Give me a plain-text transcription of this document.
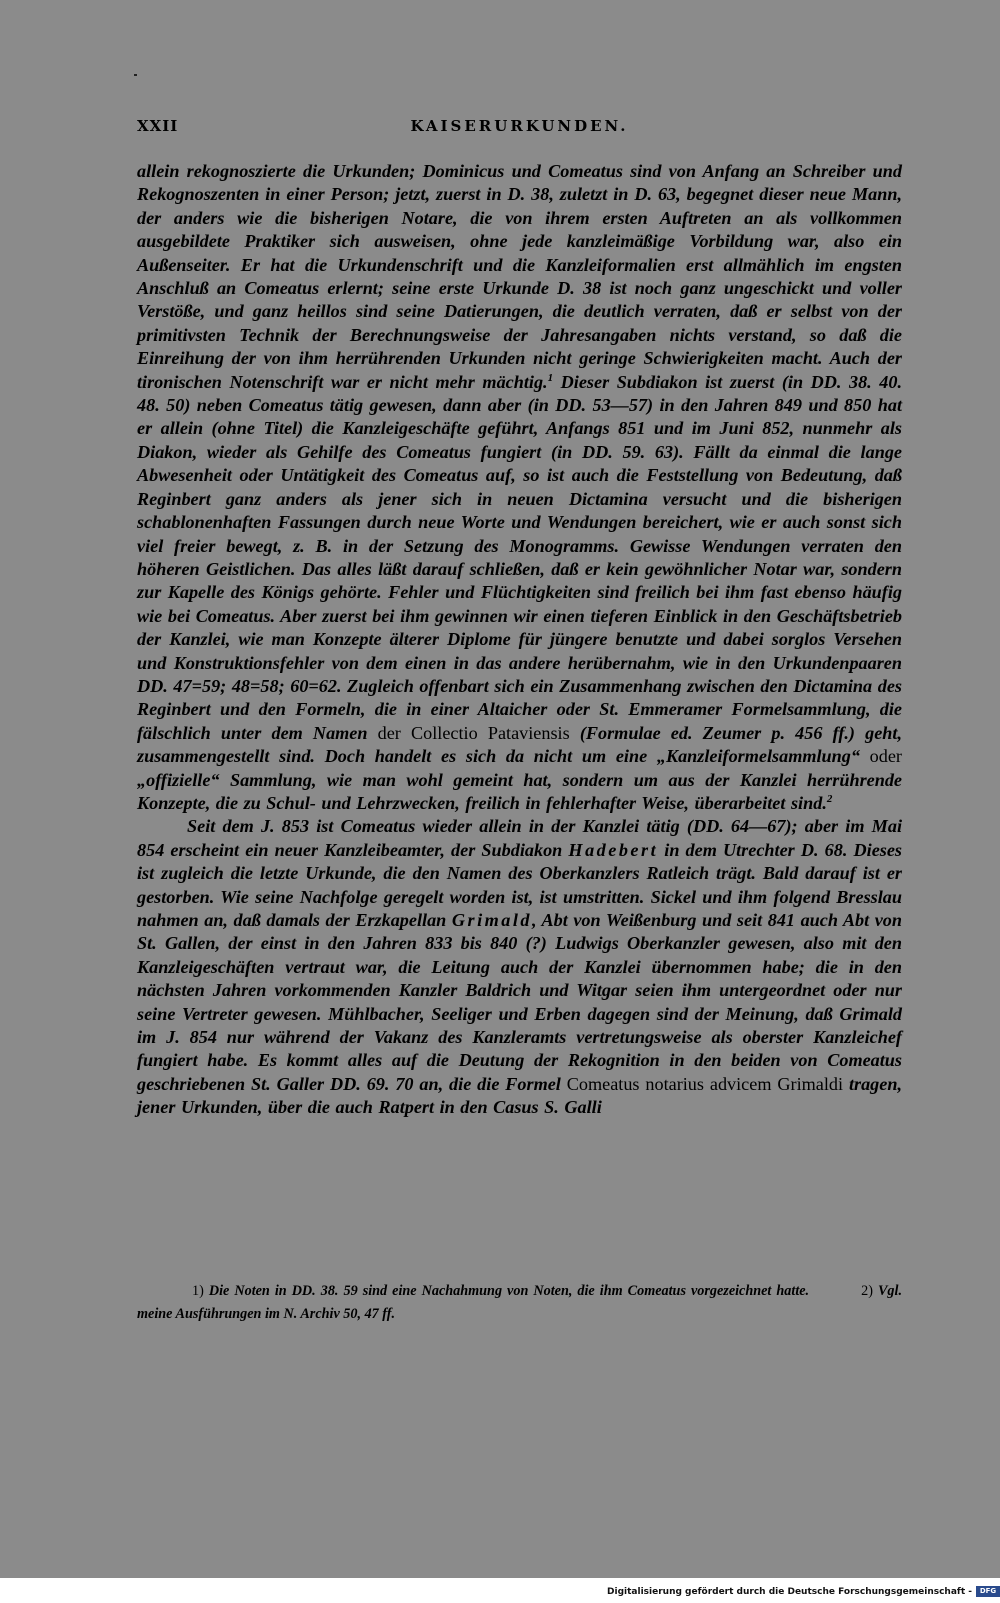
XXII	KAISERURKUNDEN.

allein rekognoszierte die Urkunden; Dominicus und Comeatus sind von Anfang an Schreiber und Rekognoszenten in einer Person; jetzt, zuerst in D. 38, zuletzt in D. 63, begegnet dieser neue Mann, der anders wie die bisherigen Notare, die von ihrem ersten Auftreten an als vollkommen ausgebildete Praktiker sich ausweisen, ohne jede kanzleimäßige Vorbildung war, also ein Außenseiter. Er hat die Urkundenschrift und die Kanzleiformalien erst allmählich im engsten Anschluß an Comeatus erlernt; seine erste Urkunde D. 38 ist noch ganz ungeschickt und voller Verstöße, und ganz heillos sind seine Datierungen, die deutlich verraten, daß er selbst von der primitivsten Technik der Berechnungsweise der Jahresangaben nichts verstand, so daß die Einreihung der von ihm herrührenden Urkunden nicht geringe Schwierigkeiten macht. Auch der tironischen Notenschrift war er nicht mehr mächtig.$^1$ Dieser Subdiakon ist zuerst (in DD. 38. 40. 48. 50) neben Comeatus tätig gewesen, dann aber (in DD. 53—57) in den Jahren 849 und 850 hat er allein (ohne Titel) die Kanzleigeschäfte geführt, Anfangs 851 und im Juni 852, nunmehr als Diakon, wieder als Gehilfe des Comeatus fungiert (in DD. 59. 63). Fällt da einmal die lange Abwesenheit oder Untätigkeit des Comeatus auf, so ist auch die Feststellung von Bedeutung, daß Reginbert ganz anders als jener sich in neuen Dictamina versucht und die bisherigen schablonenhaften Fassungen durch neue Worte und Wendungen bereichert, wie er auch sonst sich viel freier bewegt, z. B. in der Setzung des Monogramms. Gewisse Wendungen verraten den höheren Geistlichen. Das alles läßt darauf schließen, daß er kein gewöhnlicher Notar war, sondern zur Kapelle des Königs gehörte. Fehler und Flüchtigkeiten sind freilich bei ihm fast ebenso häufig wie bei Comeatus. Aber zuerst bei ihm gewinnen wir einen tieferen Einblick in den Geschäftsbetrieb der Kanzlei, wie man Konzepte älterer Diplome für jüngere benutzte und dabei sorglos Versehen und Konstruktionsfehler von dem einen in das andere herübernahm, wie in den Urkundenpaaren DD. 47=59; 48=58; 60=62. Zugleich offenbart sich ein Zusammenhang zwischen den Dictamina des Reginbert und den Formeln, die in einer Altaicher oder St. Emmeramer Formelsammlung, die fälschlich unter dem Namen der Collectio Pataviensis (Formulae ed. Zeumer p. 456 ff.) geht, zusammengestellt sind. Doch handelt es sich da nicht um eine „Kanzleiformelsammlung“ oder „offizielle“ Sammlung, wie man wohl gemeint hat, sondern um aus der Kanzlei herrührende Konzepte, die zu Schul- und Lehrzwecken, freilich in fehlerhafter Weise, überarbeitet sind.$^2$

Seit dem J. 853 ist Comeatus wieder allein in der Kanzlei tätig (DD. 64—67); aber im Mai 854 erscheint ein neuer Kanzleibeamter, der Subdiakon Hadebert in dem Utrechter D. 68. Dieses ist zugleich die letzte Urkunde, die den Namen des Oberkanzlers Ratleich trägt. Bald darauf ist er gestorben. Wie seine Nachfolge geregelt worden ist, ist umstritten. Sickel und ihm folgend Bresslau nahmen an, daß damals der Erzkapellan Grimald, Abt von Weißenburg und seit 841 auch Abt von St. Gallen, der einst in den Jahren 833 bis 840 (?) Ludwigs Oberkanzler gewesen, also mit den Kanzleigeschäften vertraut war, die Leitung auch der Kanzlei übernommen habe; die in den nächsten Jahren vorkommenden Kanzler Baldrich und Witgar seien ihm untergeordnet oder nur seine Vertreter gewesen. Mühlbacher, Seeliger und Erben dagegen sind der Meinung, daß Grimald im J. 854 nur während der Vakanz des Kanzleramts vertretungsweise als oberster Kanzleichef fungiert habe. Es kommt alles auf die Deutung der Rekognition in den beiden von Comeatus geschriebenen St. Galler DD. 69. 70 an, die die Formel Comeatus notarius advicem Grimaldi tragen, jener Urkunden, über die auch Ratpert in den Casus S. Galli

1) Die Noten in DD. 38. 59 sind eine Nachahmung von Noten, die ihm Comeatus vorgezeichnet hatte.	2) Vgl. meine Ausführungen im N. Archiv 50, 47 ff.

Digitalisierung gefördert durch die Deutsche Forschungsgemeinschaft -	DFG
